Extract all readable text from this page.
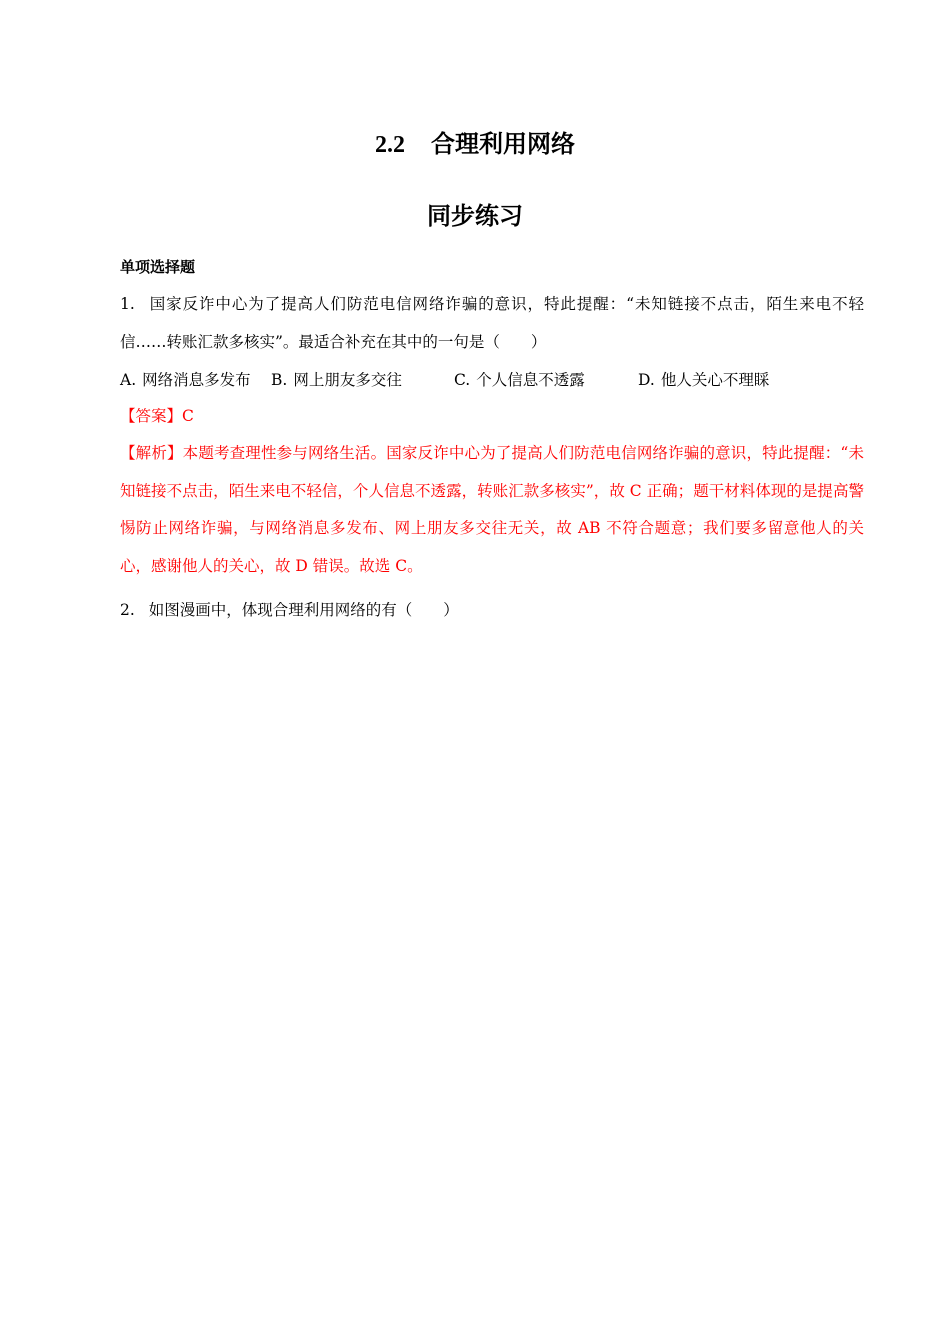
2.2 合理利用网络
同步练习
单项选择题
1. 国家反诈中心为了提高人们防范电信网络诈骗的意识，特此提醒：“未知链接不点击，陌生来电不轻信……转账汇款多核实”。最适合补充在其中的一句是（　　）
A. 网络消息多发布 B. 网上朋友多交往	C. 个人信息不透露	D. 他人关心不理睬
【答案】C
【解析】本题考查理性参与网络生活。国家反诈中心为了提高人们防范电信网络诈骗的意识，特此提醒：“未知链接不点击，陌生来电不轻信，个人信息不透露，转账汇款多核实”，故 C 正确；题干材料体现的是提高警惕防止网络诈骗，与网络消息多发布、网上朋友多交往无关，故 AB 不符合题意；我们要多留意他人的关心，感谢他人的关心，故 D 错误。故选 C。
2. 如图漫画中，体现合理利用网络的有（　　）
